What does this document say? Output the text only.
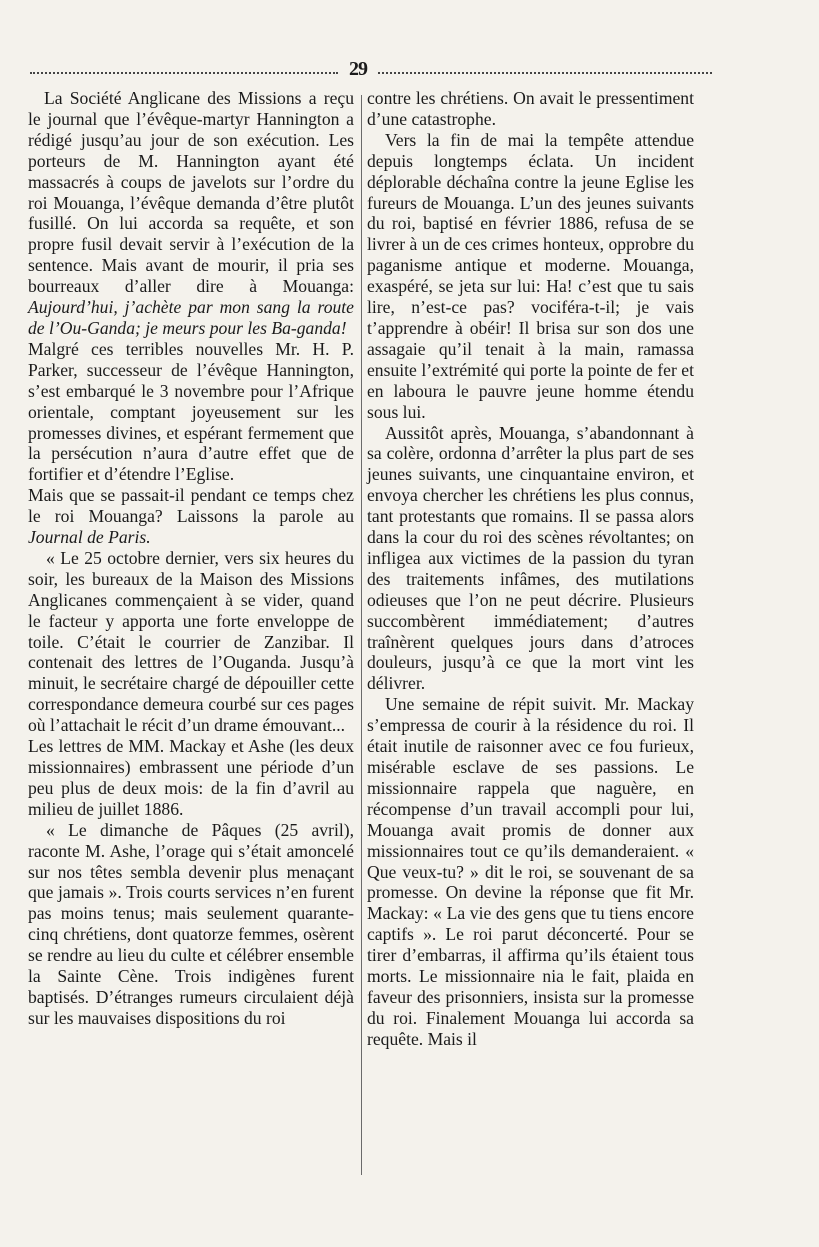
29

La Société Anglicane des Missions a reçu le journal que l’évêque-martyr Hannington a rédigé jusqu’au jour de son exécution. Les porteurs de M. Hannington ayant été massacrés à coups de javelots sur l’ordre du roi Mouanga, l’évêque demanda d’être plutôt fusillé. On lui accorda sa requête, et son propre fusil devait servir à l’exécution de la sentence. Mais avant de mourir, il pria ses bourreaux d’aller dire à Mouanga: Aujourd’hui, j’achète par mon sang la route de l’Ou-Ganda; je meurs pour les Ba-ganda!

Malgré ces terribles nouvelles Mr. H. P. Parker, successeur de l’évêque Hannington, s’est embarqué le 3 novembre pour l’Afrique orientale, comptant joyeusement sur les promesses divines, et espérant fermement que la persécution n’aura d’autre effet que de fortifier et d’étendre l’Eglise.

Mais que se passait-il pendant ce temps chez le roi Mouanga? Laissons la parole au Journal de Paris.

« Le 25 octobre dernier, vers six heures du soir, les bureaux de la Maison des Missions Anglicanes commençaient à se vider, quand le facteur y apporta une forte enveloppe de toile. C’était le courrier de Zanzibar. Il contenait des lettres de l’Ouganda. Jusqu’à minuit, le secrétaire chargé de dépouiller cette correspondance demeura courbé sur ces pages où l’attachait le récit d’un drame émouvant...

Les lettres de MM. Mackay et Ashe (les deux missionnaires) embrassent une période d’un peu plus de deux mois: de la fin d’avril au milieu de juillet 1886.

« Le dimanche de Pâques (25 avril), raconte M. Ashe, l’orage qui s’était amoncelé sur nos têtes sembla devenir plus menaçant que jamais ». Trois courts services n’en furent pas moins tenus; mais seulement quarante-cinq chrétiens, dont quatorze femmes, osèrent se rendre au lieu du culte et célébrer ensemble la Sainte Cène. Trois indigènes furent baptisés. D’étranges rumeurs circulaient déjà sur les mauvaises dispositions du roi

contre les chrétiens. On avait le pressentiment d’une catastrophe.

Vers la fin de mai la tempête attendue depuis longtemps éclata. Un incident déplorable déchaîna contre la jeune Eglise les fureurs de Mouanga. L’un des jeunes suivants du roi, baptisé en février 1886, refusa de se livrer à un de ces crimes honteux, opprobre du paganisme antique et moderne. Mouanga, exaspéré, se jeta sur lui: Ha! c’est que tu sais lire, n’est-ce pas? vociféra-t-il; je vais t’apprendre à obéir! Il brisa sur son dos une assagaie qu’il tenait à la main, ramassa ensuite l’extrémité qui porte la pointe de fer et en laboura le pauvre jeune homme étendu sous lui.

Aussitôt après, Mouanga, s’abandonnant à sa colère, ordonna d’arrêter la plus part de ses jeunes suivants, une cinquantaine environ, et envoya chercher les chrétiens les plus connus, tant protestants que romains. Il se passa alors dans la cour du roi des scènes révoltantes; on infligea aux victimes de la passion du tyran des traitements infâmes, des mutilations odieuses que l’on ne peut décrire. Plusieurs succombèrent immédiatement; d’autres traînèrent quelques jours dans d’atroces douleurs, jusqu’à ce que la mort vint les délivrer.

Une semaine de répit suivit. Mr. Mackay s’empressa de courir à la résidence du roi. Il était inutile de raisonner avec ce fou furieux, misérable esclave de ses passions. Le missionnaire rappela que naguère, en récompense d’un travail accompli pour lui, Mouanga avait promis de donner aux missionnaires tout ce qu’ils demanderaient. « Que veux-tu? » dit le roi, se souvenant de sa promesse. On devine la réponse que fit Mr. Mackay: « La vie des gens que tu tiens encore captifs ». Le roi parut déconcerté. Pour se tirer d’embarras, il affirma qu’ils étaient tous morts. Le missionnaire nia le fait, plaida en faveur des prisonniers, insista sur la promesse du roi. Finalement Mouanga lui accorda sa requête. Mais il
